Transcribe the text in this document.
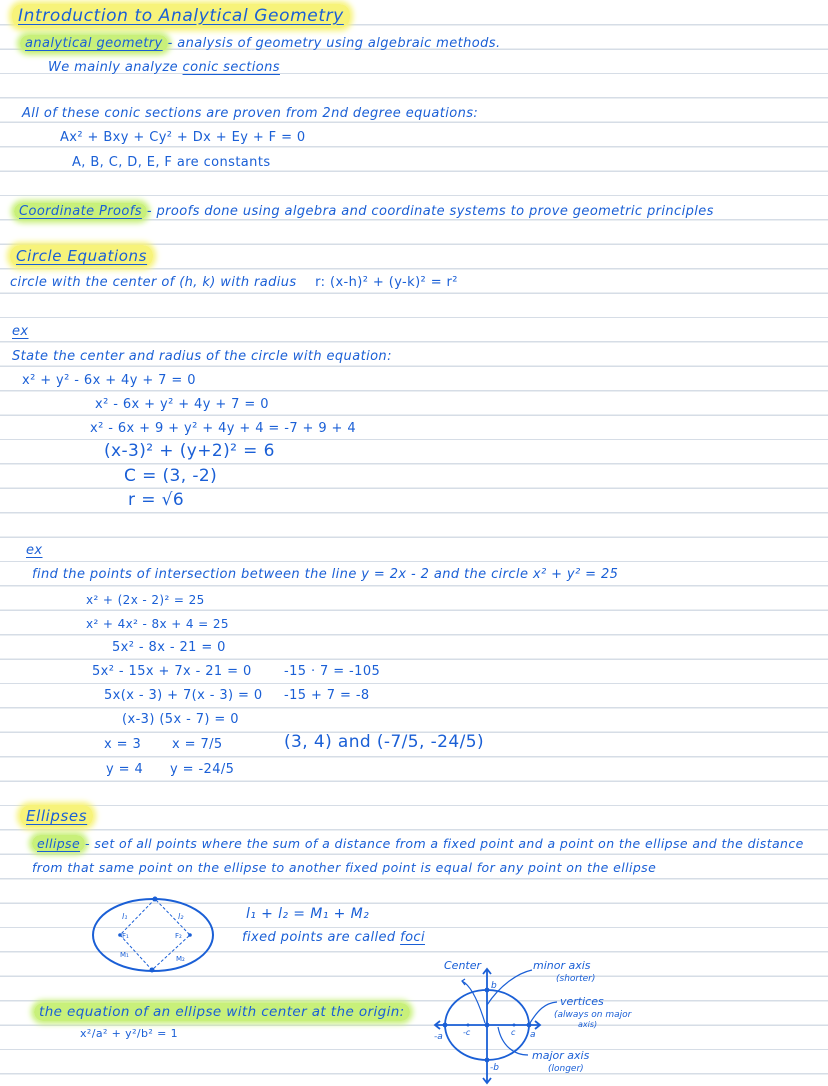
Introduction to Analytical Geometry
analytical geometry - analysis of geometry using algebraic methods.
We mainly analyze conic sections
All of these conic sections are proven from 2nd degree equations:
Ax² + Bxy + Cy² + Dx + Ey + F = 0
A, B, C, D, E, F are constants
Coordinate Proofs - proofs done using algebra and coordinate systems to prove geometric principles
Circle Equations
circle with the center of (h, k) with radius r: (x-h)² + (y-k)² = r²
ex
State the center and radius of the circle with equation:
x² + y² - 6x + 4y + 7 = 0
x² - 6x + y² + 4y + 7 = 0
x² - 6x + 9 + y² + 4y + 4 = -7 + 9 + 4
(x-3)² + (y+2)² = 6
C = (3, -2)
r = √6
ex
find the points of intersection between the line y = 2x - 2 and the circle x² + y² = 25
x² + (2x - 2)² = 25
x² + 4x² - 8x + 4 = 25
5x² - 8x - 21 = 0
5x² - 15x + 7x - 21 = 0
5x(x - 3) + 7(x - 3) = 0
(x-3) (5x - 7) = 0
-15 · 7 = -105
-15 + 7 = -8
x = 3 x = 7/5
y = 4 y = -24/5
(3, 4) and (-7/5, -24/5)
Ellipses
ellipse - set of all points where the sum of a distance from a fixed point and a point on the ellipse and the distance
from that same point on the ellipse to another fixed point is equal for any point on the ellipse
l₁	l₂
F₁	F₂
M₁	M₂
l₁ + l₂ = M₁ + M₂
fixed points are called foci
the equation of an ellipse with center at the origin:
x²/a² + y²/b² = 1
Center	minor axis
(shorter)
vertices
(always on major
axis)
major axis
(longer)
b
-b
a
-a	c
-c
